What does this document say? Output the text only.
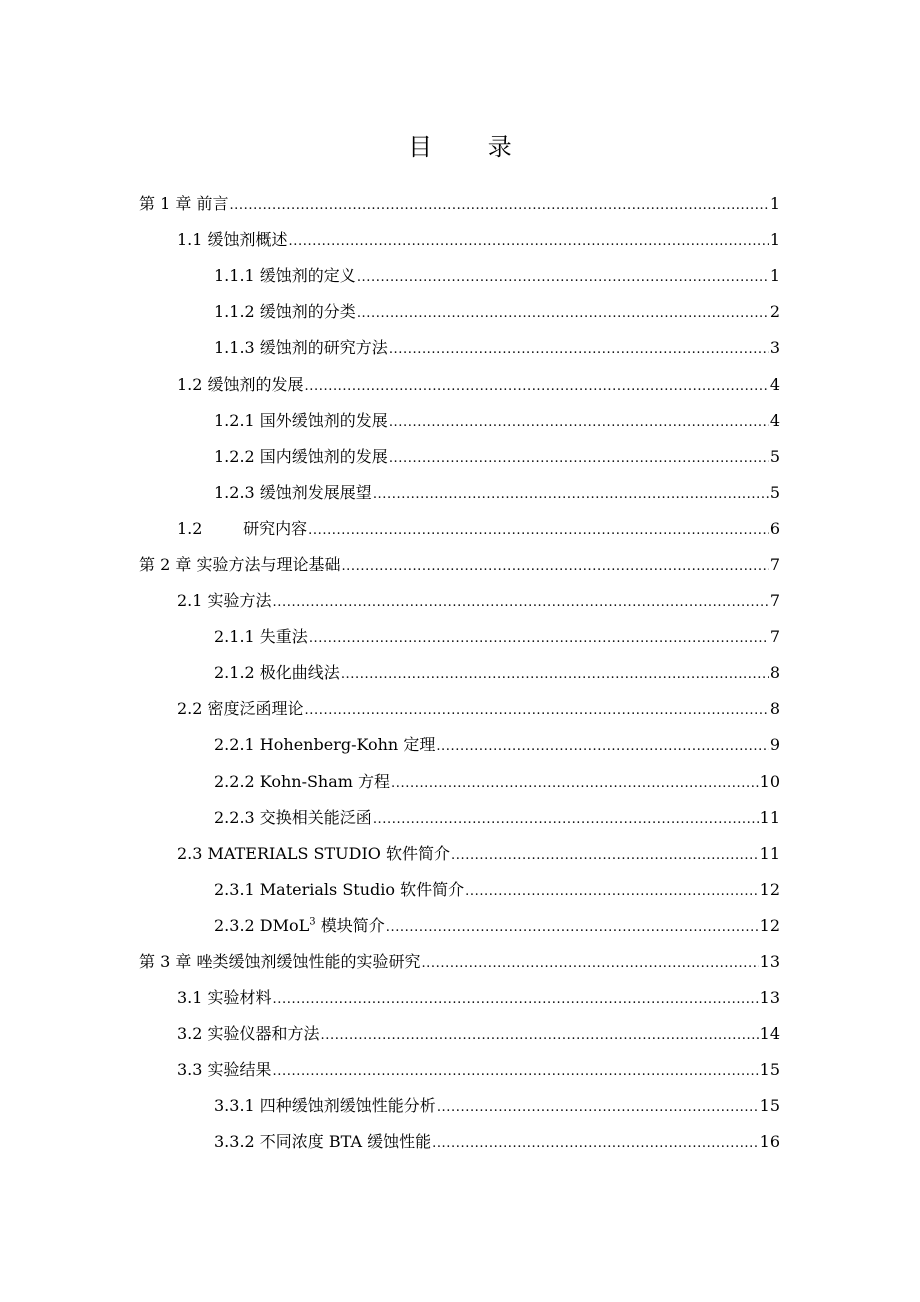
目 录
第 1 章 前言 .....	1
1.1 缓蚀剂概述 .....	1
1.1.1 缓蚀剂的定义 .....	1
1.1.2 缓蚀剂的分类 .....	2
1.1.3 缓蚀剂的研究方法 .....	3
1.2 缓蚀剂的发展 .....	4
1.2.1 国外缓蚀剂的发展 .....	4
1.2.2 国内缓蚀剂的发展 .....	5
1.2.3 缓蚀剂发展展望 .....	5
1.2        研究内容 .....	6
第 2 章 实验方法与理论基础 .....	7
2.1 实验方法 .....	7
2.1.1 失重法 .....	7
2.1.2 极化曲线法 .....	8
2.2 密度泛函理论 .....	8
2.2.1 Hohenberg-Kohn 定理 .....	9
2.2.2 Kohn-Sham 方程 .....	10
2.2.3 交换相关能泛函 .....	11
2.3 MATERIALS STUDIO 软件简介 .....	11
2.3.1 Materials Studio 软件简介 .....	12
2.3.2 DMoL$^3$ 模块简介 .....	12
第 3 章 唑类缓蚀剂缓蚀性能的实验研究 .....	13
3.1 实验材料 .....	13
3.2 实验仪器和方法 .....	14
3.3 实验结果 .....	15
3.3.1 四种缓蚀剂缓蚀性能分析 .....	15
3.3.2 不同浓度 BTA 缓蚀性能 .....	16
